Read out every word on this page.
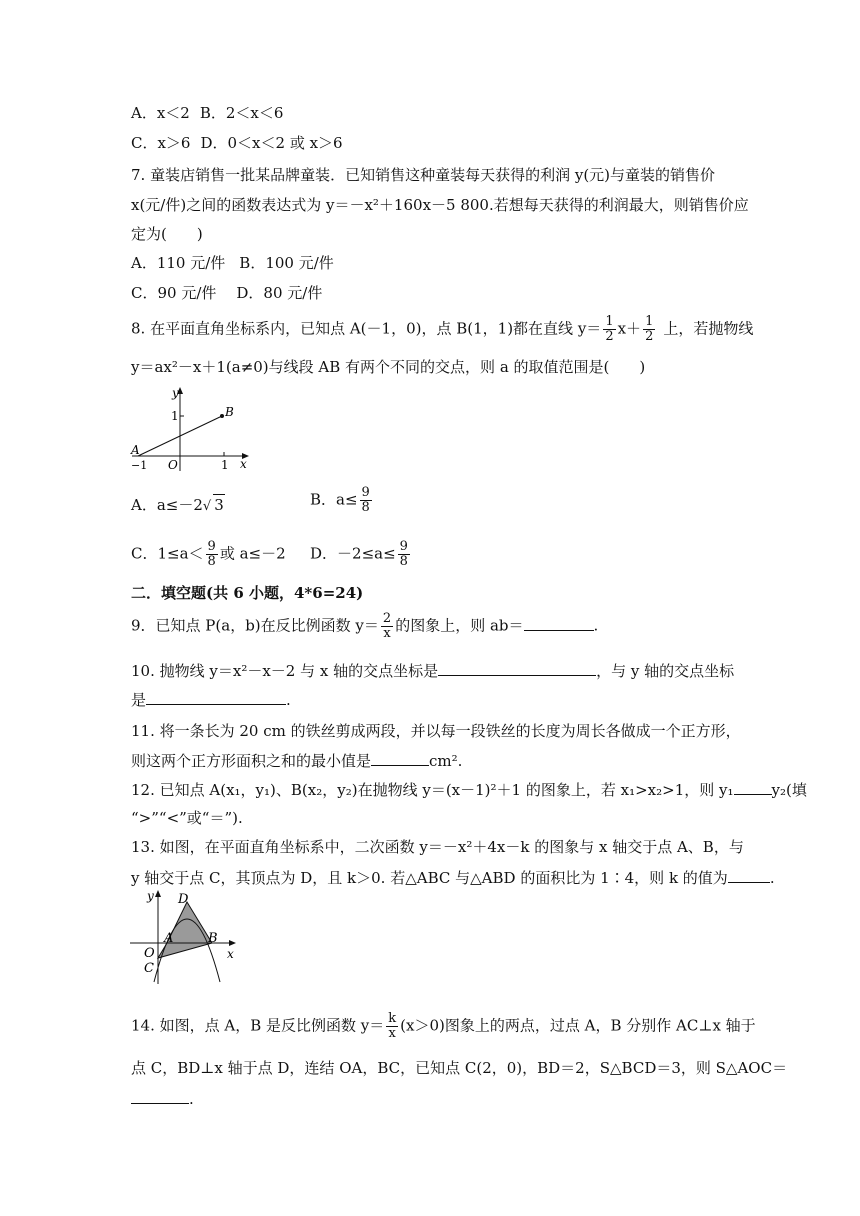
A．x＜2 B．2＜x＜6
C．x＞6 D．0＜x＜2 或 x＞6
7. 童装店销售一批某品牌童装．已知销售这种童装每天获得的利润 y(元)与童装的销售价
x(元/件)之间的函数表达式为 y＝－x²＋160x－5 800.若想每天获得的利润最大，则销售价应
定为(　　)
A．110 元/件 B．100 元/件
C．90 元/件 D．80 元/件
8. 在平面直角坐标系内，已知点 A(－1，0)，点 B(1，1)都在直线 $y= \frac{1}{2} x+ \frac{1}{2}$ 上，若抛物线
y＝ax²－x＋1(a≠0)与线段 AB 有两个不同的交点，则 a 的取值范围是(　　)
y
x
1	B
A
−1 O	1
A．a≤－2√ 3	B．$a\le \frac{9}{8}$
C．$1\le a< \frac{9}{8}$ 或 a≤－2 D．$-2\le a\le \frac{9}{8}$
二．填空题(共 6 小题，4*6=24)
9．已知点 P(a，b)在反比例函数 $y= \frac{2}{x}$ 的图象上，则 ab＝	.
10. 抛物线 y＝x²－x－2 与 x 轴的交点坐标是	，与 y 轴的交点坐标
是	.
11. 将一条长为 20 cm 的铁丝剪成两段，并以每一段铁丝的长度为周长各做成一个正方形，
则这两个正方形面积之和的最小值是	cm².
12. 已知点 A(x₁，y₁)、B(x₂，y₂)在抛物线 y＝(x－1)²＋1 的图象上，若 x₁>x₂>1，则 y₁	y₂(填
“>”“<”或“＝”).
13. 如图，在平面直角坐标系中，二次函数 y＝－x²＋4x－k 的图象与 x 轴交于点 A、B，与
y 轴交于点 C，其顶点为 D，且 k＞0. 若△ABC 与△ABD 的面积比为 1∶4，则 k 的值为	.
y
x
D
A	B
O
C
14. 如图，点 A，B 是反比例函数 $y= \frac{k}{x} (x>0)$图象上的两点，过点 A，B 分别作 AC⊥x 轴于
点 C，BD⊥x 轴于点 D，连结 OA，BC，已知点 C(2，0)，BD＝2，S△BCD＝3，则 S△AOC＝
.
